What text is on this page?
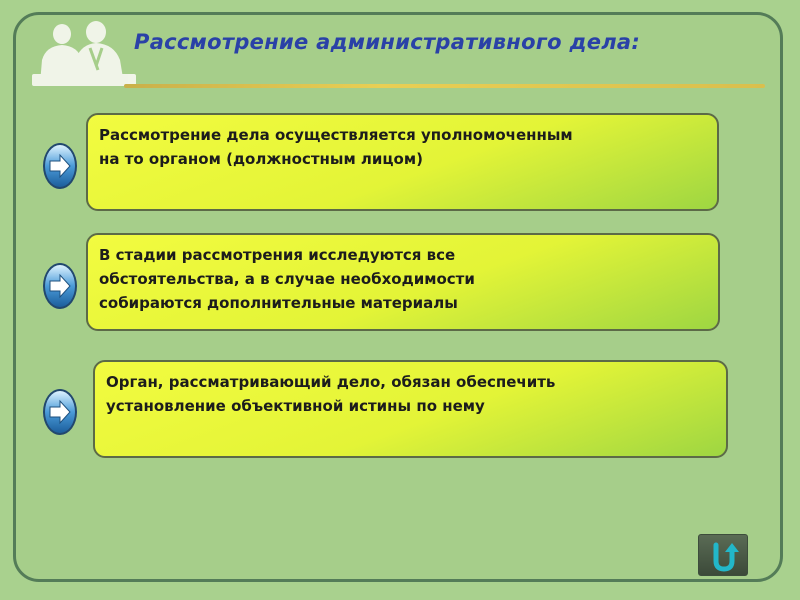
Рассмотрение административного дела:
Рассмотрение дела осуществляется уполномоченным
на то органом (должностным лицом)
В стадии рассмотрения исследуются все
обстоятельства, а в случае необходимости
собираются дополнительные материалы
Орган, рассматривающий дело, обязан обеспечить
установление объективной истины по нему
